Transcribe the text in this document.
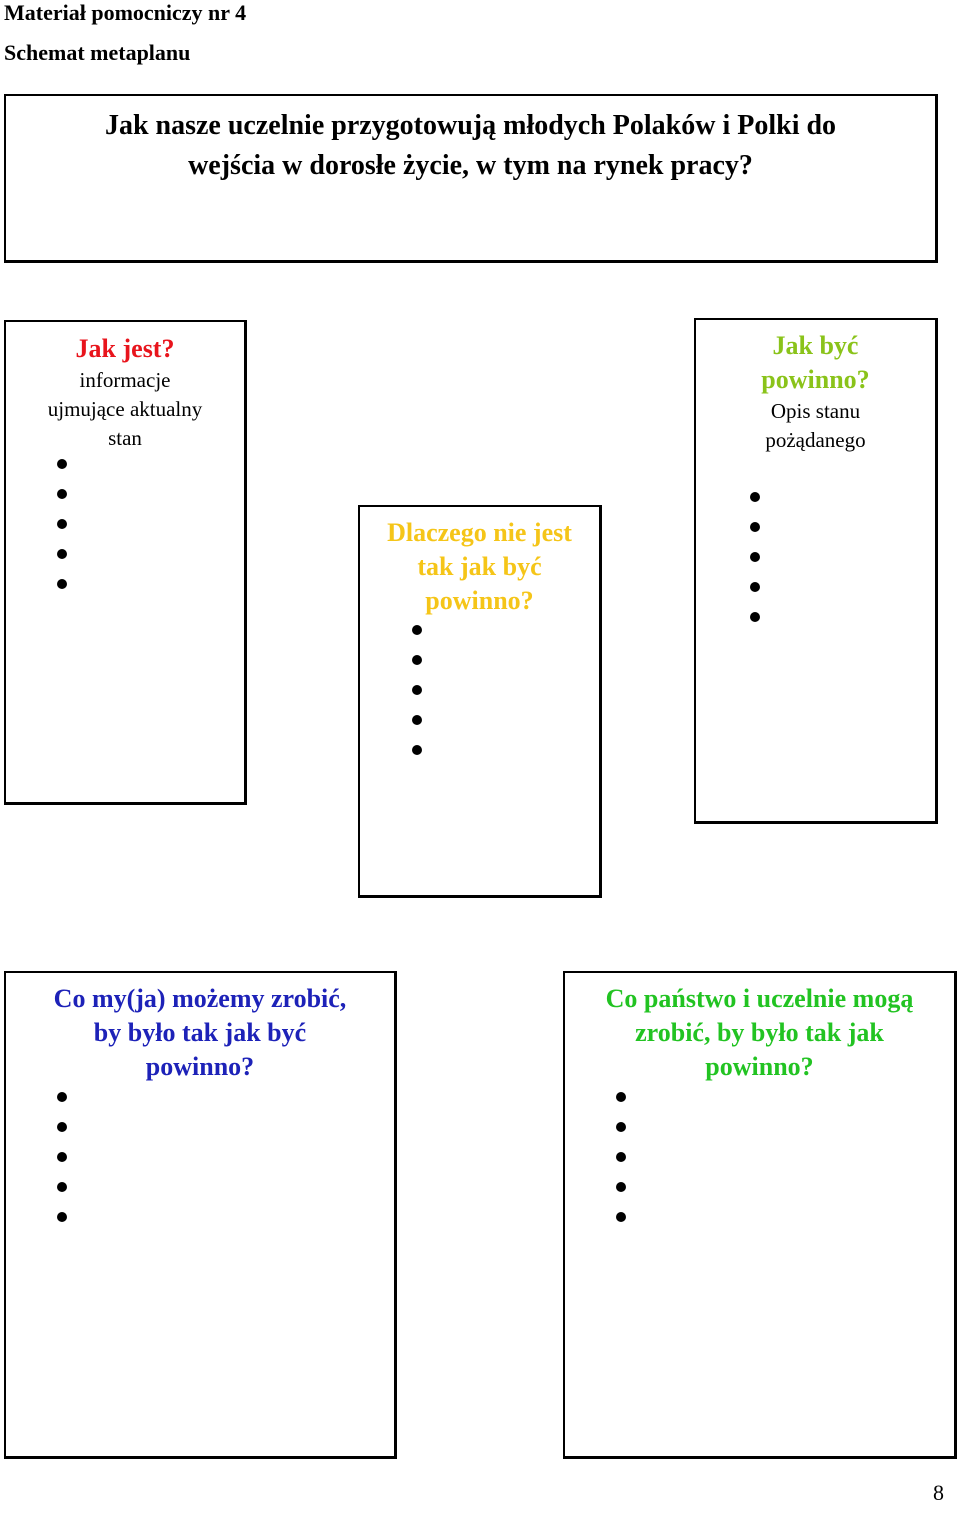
Materiał pomocniczy nr 4
Schemat metaplanu
Jak nasze uczelnie przygotowują młodych Polaków i Polki do
wejścia w dorosłe życie, w tym na rynek pracy?
Jak jest?
informacje
ujmujące aktualny
stan
Dlaczego nie jest
tak jak być
powinno?
Jak być
powinno?
Opis stanu
pożądanego
Co my(ja) możemy zrobić,
by było tak jak być
powinno?
Co państwo i uczelnie mogą
zrobić, by było tak jak
powinno?
8
